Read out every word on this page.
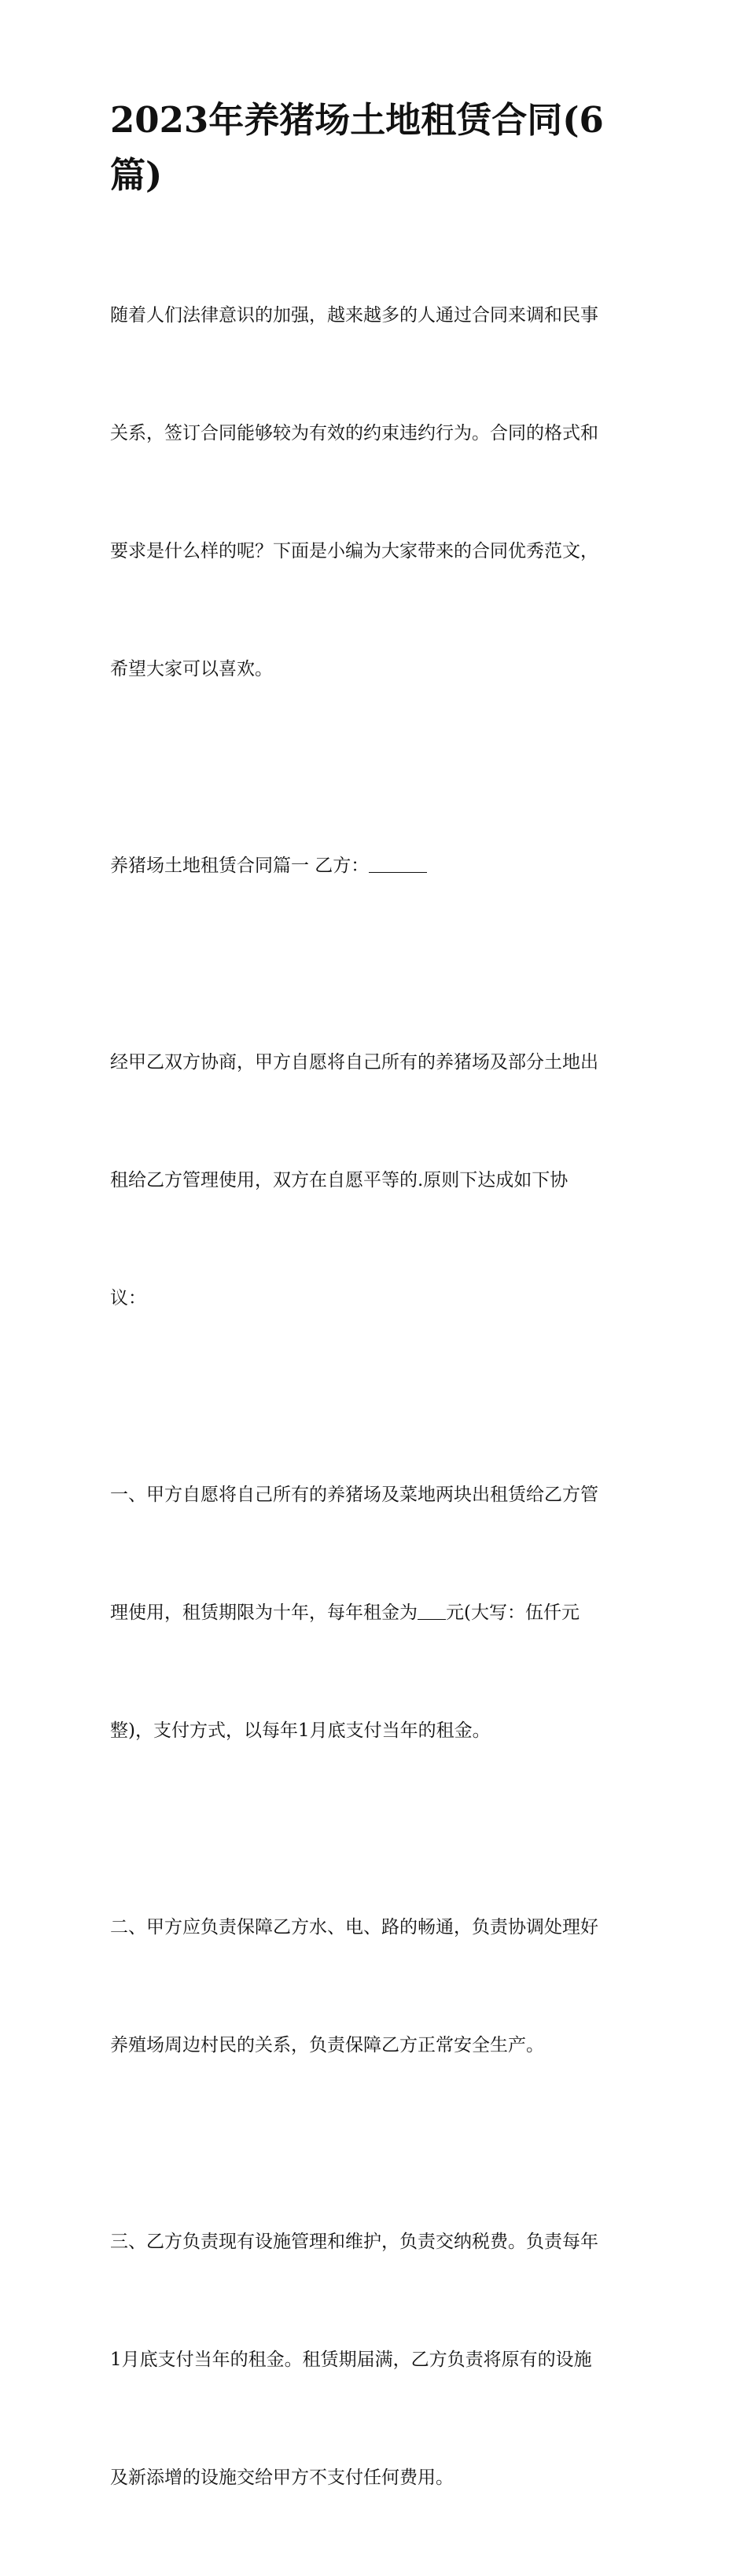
2023年养猪场土地租赁合同(6
篇)

随着人们法律意识的加强，越来越多的人通过合同来调和民事

关系，签订合同能够较为有效的约束违约行为。合同的格式和

要求是什么样的呢？下面是小编为大家带来的合同优秀范文，

希望大家可以喜欢。

养猪场土地租赁合同篇一 乙方：

经甲乙双方协商，甲方自愿将自己所有的养猪场及部分土地出

租给乙方管理使用，双方在自愿平等的.原则下达成如下协

议：

一、甲方自愿将自己所有的养猪场及菜地两块出租赁给乙方管

理使用，租赁期限为十年，每年租金为 元(大写：伍仟元

整)，支付方式，以每年1月底支付当年的租金。

二、甲方应负责保障乙方水、电、路的畅通，负责协调处理好

养殖场周边村民的关系，负责保障乙方正常安全生产。

三、乙方负责现有设施管理和维护，负责交纳税费。负责每年

1月底支付当年的租金。租赁期届满，乙方负责将原有的设施

及新添增的设施交给甲方不支付任何费用。
